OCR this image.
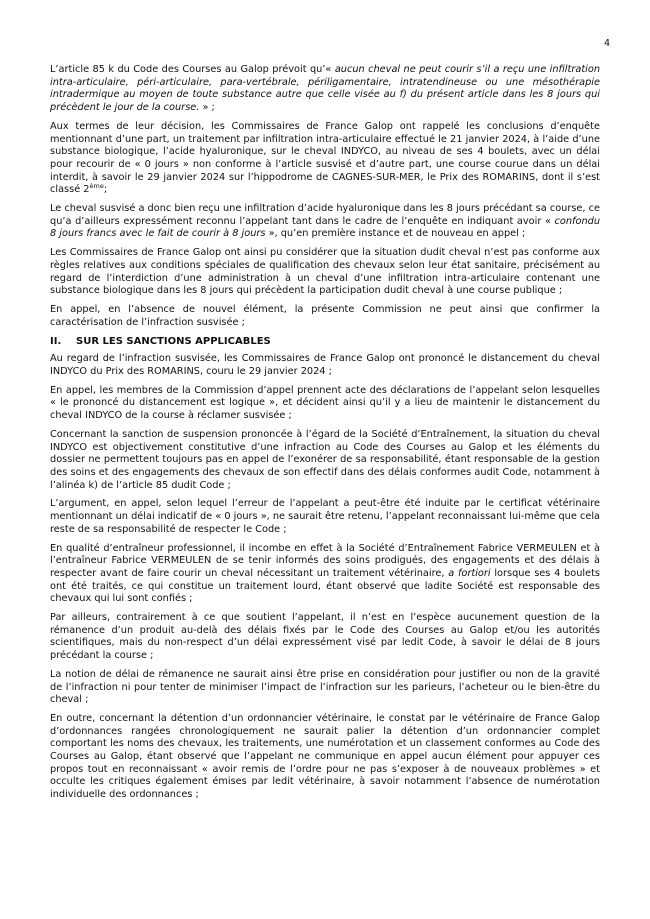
4

L’article 85 k du Code des Courses au Galop prévoit qu’« aucun cheval ne peut courir s’il a reçu une infiltration intra-articulaire, péri-articulaire, para-vertébrale, périligamentaire, intratendineuse ou une mésothérapie intradermique au moyen de toute substance autre que celle visée au f) du présent article dans les 8 jours qui précèdent le jour de la course. » ;

Aux termes de leur décision, les Commissaires de France Galop ont rappelé les conclusions d’enquête mentionnant d’une part, un traitement par infiltration intra-articulaire effectué le 21 janvier 2024, à l’aide d’une substance biologique, l’acide hyaluronique, sur le cheval INDYCO, au niveau de ses 4 boulets, avec un délai pour recourir de « 0 jours » non conforme à l’article susvisé et d’autre part, une course courue dans un délai interdit, à savoir le 29 janvier 2024 sur l’hippodrome de CAGNES-SUR-MER, le Prix des ROMARINS, dont il s’est classé 2ème;

Le cheval susvisé a donc bien reçu une infiltration d’acide hyaluronique dans les 8 jours précédant sa course, ce qu’a d’ailleurs expressément reconnu l’appelant tant dans le cadre de l’enquête en indiquant avoir « confondu 8 jours francs avec le fait de courir à 8 jours », qu’en première instance et de nouveau en appel ;

Les Commissaires de France Galop ont ainsi pu considérer que la situation dudit cheval n’est pas conforme aux règles relatives aux conditions spéciales de qualification des chevaux selon leur état sanitaire, précisément au regard de l’interdiction d’une administration à un cheval d’une infiltration intra-articulaire contenant une substance biologique dans les 8 jours qui précèdent la participation dudit cheval à une course publique ;

En appel, en l’absence de nouvel élément, la présente Commission ne peut ainsi que confirmer la caractérisation de l’infraction susvisée ;

II. SUR LES SANCTIONS APPLICABLES

Au regard de l’infraction susvisée, les Commissaires de France Galop ont prononcé le distancement du cheval INDYCO du Prix des ROMARINS, couru le 29 janvier 2024 ;

En appel, les membres de la Commission d’appel prennent acte des déclarations de l’appelant selon lesquelles « le prononcé du distancement est logique », et décident ainsi qu’il y a lieu de maintenir le distancement du cheval INDYCO de la course à réclamer susvisée ;

Concernant la sanction de suspension prononcée à l’égard de la Société d’Entraînement, la situation du cheval INDYCO est objectivement constitutive d’une infraction au Code des Courses au Galop et les éléments du dossier ne permettent toujours pas en appel de l’exonérer de sa responsabilité, étant responsable de la gestion des soins et des engagements des chevaux de son effectif dans des délais conformes audit Code, notamment à l’alinéa k) de l’article 85 dudit Code ;

L’argument, en appel, selon lequel l’erreur de l’appelant a peut-être été induite par le certificat vétérinaire mentionnant un délai indicatif de « 0 jours », ne saurait être retenu, l’appelant reconnaissant lui-même que cela reste de sa responsabilité de respecter le Code ;

En qualité d’entraîneur professionnel, il incombe en effet à la Société d’Entraînement Fabrice VERMEULEN et à l’entraîneur Fabrice VERMEULEN de se tenir informés des soins prodigués, des engagements et des délais à respecter avant de faire courir un cheval nécessitant un traitement vétérinaire, a fortiori lorsque ses 4 boulets ont été traités, ce qui constitue un traitement lourd, étant observé que ladite Société est responsable des chevaux qui lui sont confiés ;

Par ailleurs, contrairement à ce que soutient l’appelant, il n’est en l’espèce aucunement question de la rémanence d’un produit au-delà des délais fixés par le Code des Courses au Galop et/ou les autorités scientifiques, mais du non-respect d’un délai expressément visé par ledit Code, à savoir le délai de 8 jours précédant la course ;

La notion de délai de rémanence ne saurait ainsi être prise en considération pour justifier ou non de la gravité de l’infraction ni pour tenter de minimiser l’impact de l’infraction sur les parieurs, l’acheteur ou le bien-être du cheval ;

En outre, concernant la détention d’un ordonnancier vétérinaire, le constat par le vétérinaire de France Galop d’ordonnances rangées chronologiquement ne saurait palier la détention d’un ordonnancier complet comportant les noms des chevaux, les traitements, une numérotation et un classement conformes au Code des Courses au Galop, étant observé que l’appelant ne communique en appel aucun élément pour appuyer ces propos tout en reconnaissant « avoir remis de l’ordre pour ne pas s’exposer à de nouveaux problèmes » et occulte les critiques également émises par ledit vétérinaire, à savoir notamment l’absence de numérotation individuelle des ordonnances ;
